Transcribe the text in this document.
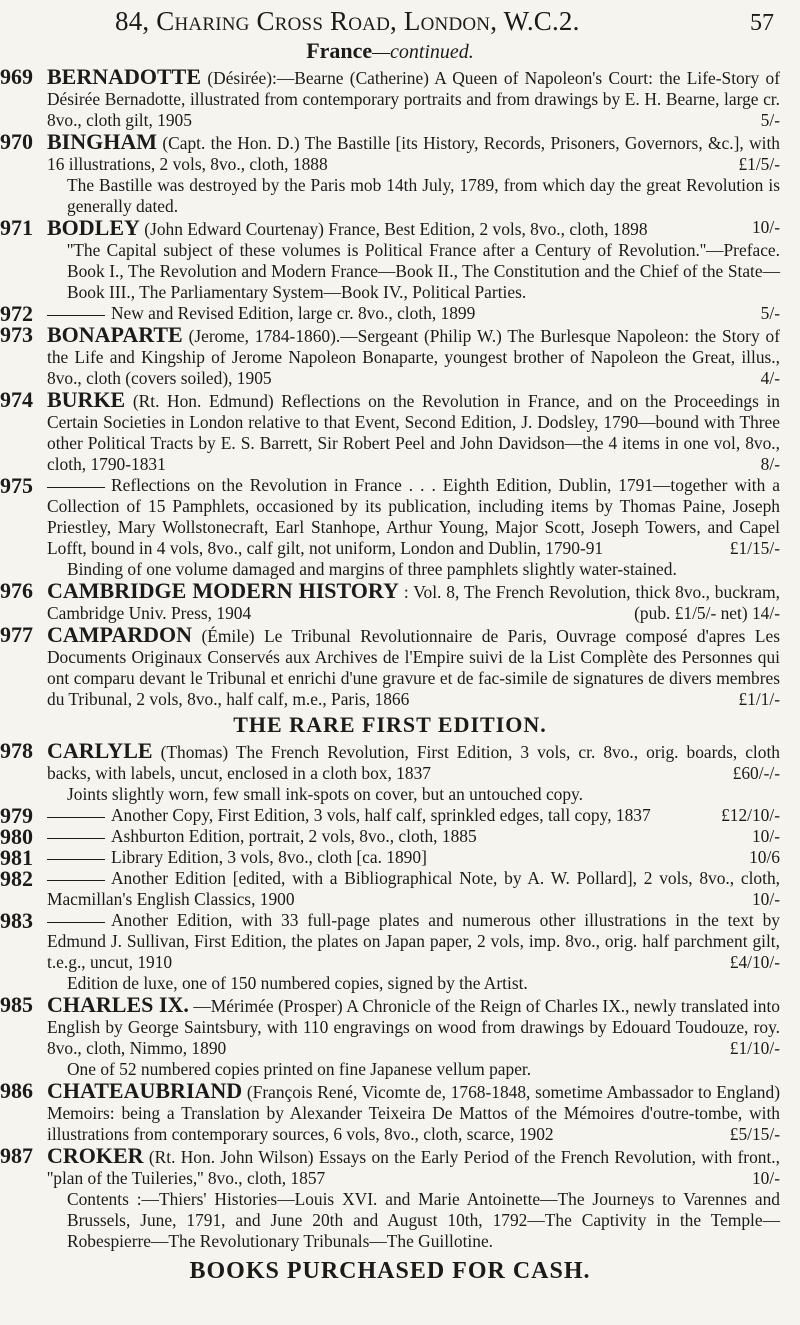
84, Charing Cross Road, London, W.C.2.	57
France—continued.
969 BERNADOTTE (Désirée):—Bearne (Catherine) A Queen of Napoleon's Court: the Life-Story of Désirée Bernadotte, illustrated from contemporary portraits and from drawings by E. H. Bearne, large cr. 8vo., cloth gilt, 1905	5/-
970 BINGHAM (Capt. the Hon. D.) The Bastille [its History, Records, Prisoners, Governors, &c.], with 16 illustrations, 2 vols, 8vo., cloth, 1888	£1/5/-
The Bastille was destroyed by the Paris mob 14th July, 1789, from which day the great Revolution is generally dated.
971 BODLEY (John Edward Courtenay) France, Best Edition, 2 vols, 8vo., cloth, 1898	10/-
''The Capital subject of these volumes is Political France after a Century of Revolution.''—Preface. Book I., The Revolution and Modern France—Book II., The Constitution and the Chief of the State—Book III., The Parliamentary System—Book IV., Political Parties.
972	New and Revised Edition, large cr. 8vo., cloth, 1899	5/-
973 BONAPARTE (Jerome, 1784-1860).—Sergeant (Philip W.) The Burlesque Napoleon: the Story of the Life and Kingship of Jerome Napoleon Bonaparte, youngest brother of Napoleon the Great, illus., 8vo., cloth (covers soiled), 1905	4/-
974 BURKE (Rt. Hon. Edmund) Reflections on the Revolution in France, and on the Proceedings in Certain Societies in London relative to that Event, Second Edition, J. Dodsley, 1790—bound with Three other Political Tracts by E. S. Barrett, Sir Robert Peel and John Davidson—the 4 items in one vol, 8vo., cloth, 1790-1831	8/-
975	Reflections on the Revolution in France . . . Eighth Edition, Dublin, 1791—together with a Collection of 15 Pamphlets, occasioned by its publication, including items by Thomas Paine, Joseph Priestley, Mary Wollstonecraft, Earl Stanhope, Arthur Young, Major Scott, Joseph Towers, and Capel Lofft, bound in 4 vols, 8vo., calf gilt, not uniform, London and Dublin, 1790-91	£1/15/-
Binding of one volume damaged and margins of three pamphlets slightly water-stained.
976 CAMBRIDGE MODERN HISTORY : Vol. 8, The French Revolution, thick 8vo., buckram, Cambridge Univ. Press, 1904	(pub. £1/5/- net) 14/-
977 CAMPARDON (Émile) Le Tribunal Revolutionnaire de Paris, Ouvrage composé d'apres Les Documents Originaux Conservés aux Archives de l'Empire suivi de la List Complète des Personnes qui ont comparu devant le Tribunal et enrichi d'une gravure et de fac-simile de signatures de divers membres du Tribunal, 2 vols, 8vo., half calf, m.e., Paris, 1866	£1/1/-
THE RARE FIRST EDITION.
978 CARLYLE (Thomas) The French Revolution, First Edition, 3 vols, cr. 8vo., orig. boards, cloth backs, with labels, uncut, enclosed in a cloth box, 1837	£60/-/-
Joints slightly worn, few small ink-spots on cover, but an untouched copy.
979	Another Copy, First Edition, 3 vols, half calf, sprinkled edges, tall copy, 1837	£12/10/-
980	Ashburton Edition, portrait, 2 vols, 8vo., cloth, 1885	10/-
981	Library Edition, 3 vols, 8vo., cloth [ca. 1890]	10/6
982	Another Edition [edited, with a Bibliographical Note, by A. W. Pollard], 2 vols, 8vo., cloth, Macmillan's English Classics, 1900	10/-
983	Another Edition, with 33 full-page plates and numerous other illustrations in the text by Edmund J. Sullivan, First Edition, the plates on Japan paper, 2 vols, imp. 8vo., orig. half parchment gilt, t.e.g., uncut, 1910	£4/10/-
Edition de luxe, one of 150 numbered copies, signed by the Artist.
985 CHARLES IX. —Mérimée (Prosper) A Chronicle of the Reign of Charles IX., newly translated into English by George Saintsbury, with 110 engravings on wood from drawings by Edouard Toudouze, roy. 8vo., cloth, Nimmo, 1890	£1/10/-
One of 52 numbered copies printed on fine Japanese vellum paper.
986 CHATEAUBRIAND (François René, Vicomte de, 1768-1848, sometime Ambassador to England) Memoirs: being a Translation by Alexander Teixeira De Mattos of the Mémoires d'outre-tombe, with illustrations from contemporary sources, 6 vols, 8vo., cloth, scarce, 1902	£5/15/-
987 CROKER (Rt. Hon. John Wilson) Essays on the Early Period of the French Revolution, with front., ''plan of the Tuileries,'' 8vo., cloth, 1857	10/-
Contents :—Thiers' Histories—Louis XVI. and Marie Antoinette—The Journeys to Varennes and Brussels, June, 1791, and June 20th and August 10th, 1792—The Captivity in the Temple—Robespierre—The Revolutionary Tribunals—The Guillotine.
BOOKS PURCHASED FOR CASH.
